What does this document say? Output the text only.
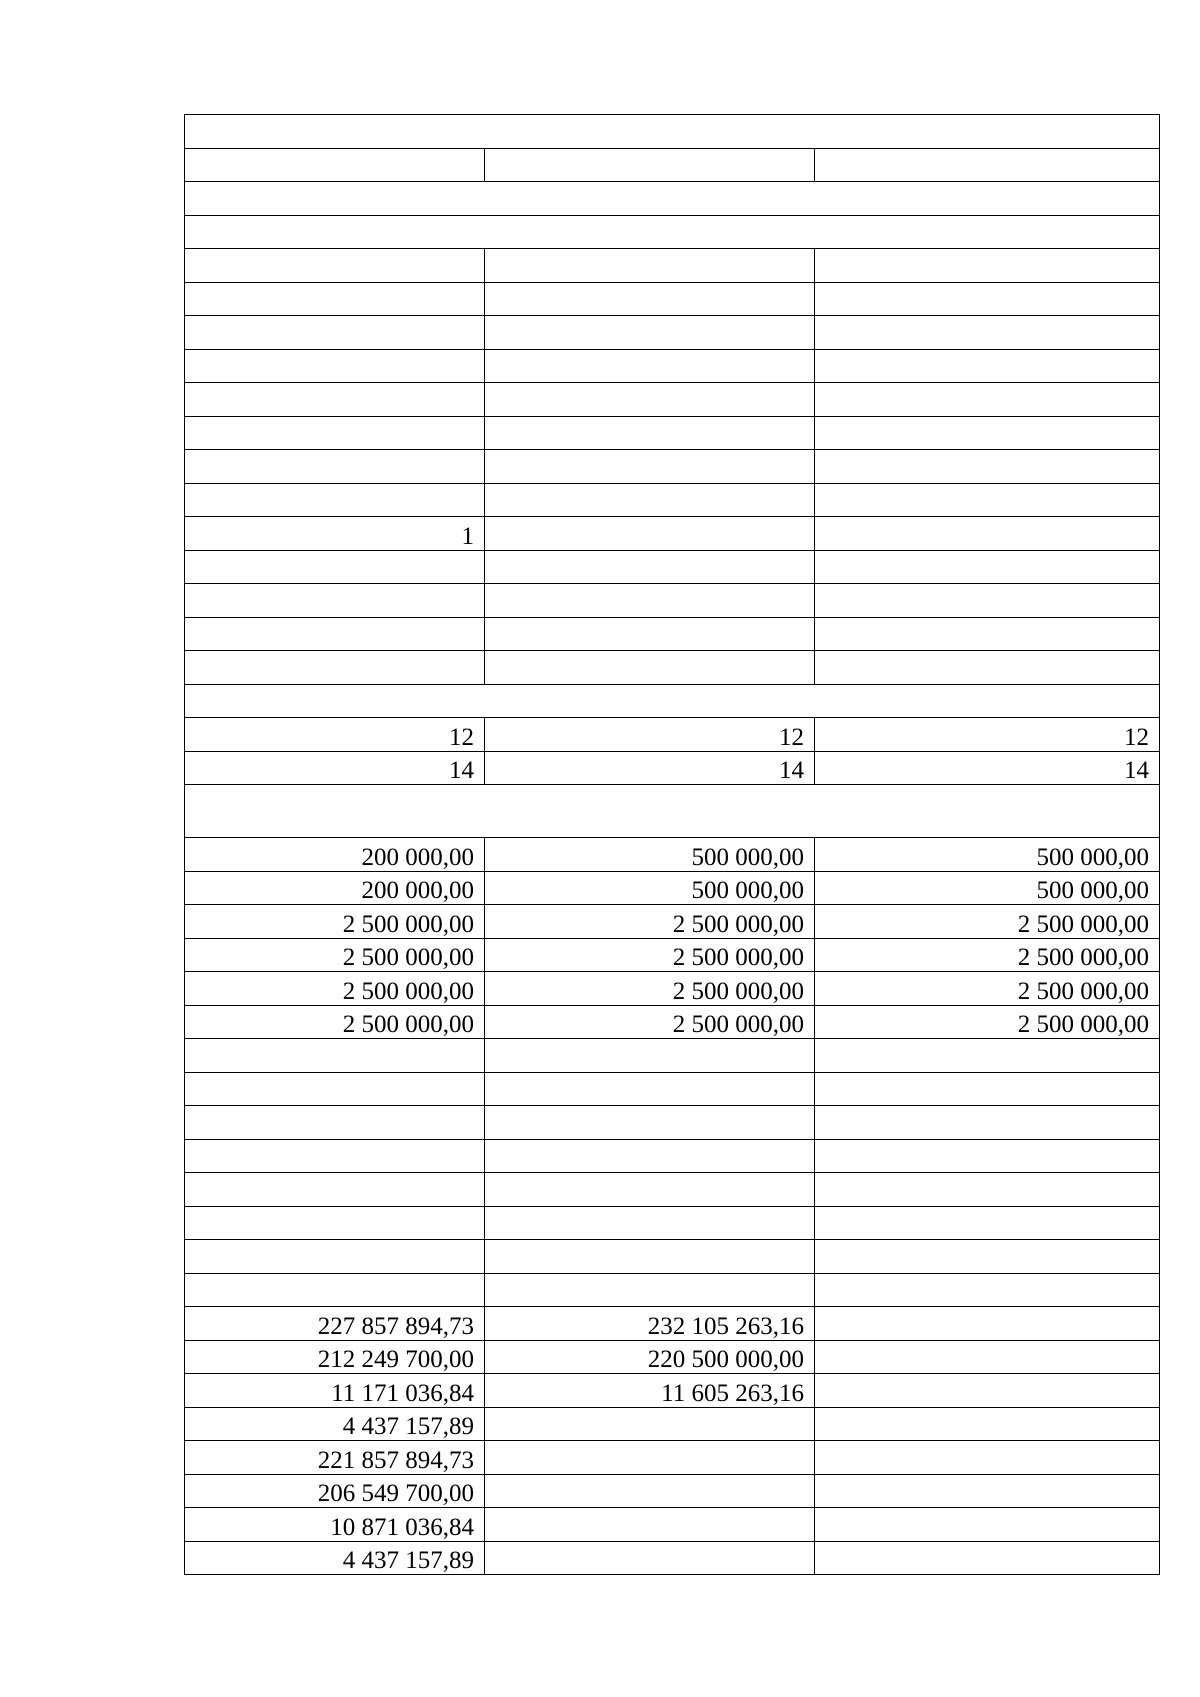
1		

12	12	12
14	14	14

200 000,00	500 000,00	500 000,00
200 000,00	500 000,00	500 000,00
2 500 000,00	2 500 000,00	2 500 000,00
2 500 000,00	2 500 000,00	2 500 000,00
2 500 000,00	2 500 000,00	2 500 000,00
2 500 000,00	2 500 000,00	2 500 000,00

227 857 894,73	232 105 263,16	
212 249 700,00	220 500 000,00	
11 171 036,84	11 605 263,16	
4 437 157,89		
221 857 894,73		
206 549 700,00		
10 871 036,84		
4 437 157,89		
